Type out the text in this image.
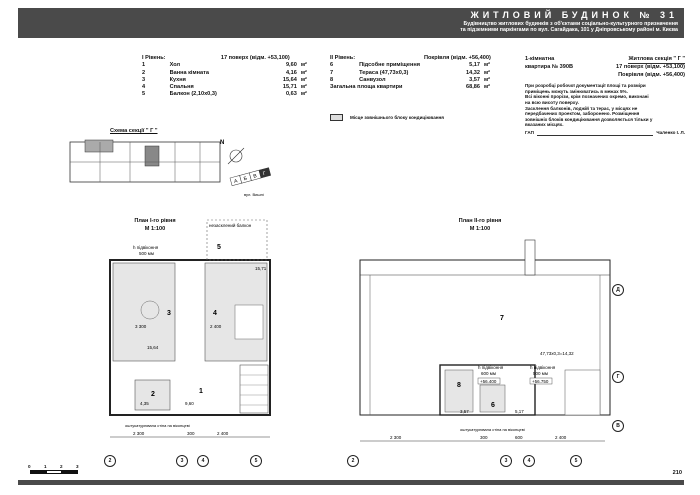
ЖИТЛОВИЙ БУДИНОК № 31
Будівництво житлових будинків з об'єктами соціально-культурного призначення
та підземними паркінгами по вул. Сагайдака, 101 у Дніпровському районі м. Києва
І Рівень:		17 поверх (відм. +53,100)	
1	Хол	9,60	м²
2	Ванна кімната	4,16	м²
3	Кухня	15,64	м²
4	Спальня	15,71	м²
5	Балкон (2,10х0,3)	0,63	м²
ІІ Рівень:		Покрівля (відм. +56,400)	
6	Підсобне приміщення	5,17	м²
7	Тераса (47,73х0,3)	14,32	м²
8	Санвузол	3,57	м²
Загальна площа квартири		68,86	м²
Місце зовнішнього блоку кондиціювання
1-кімнатна	Житлова секція " Г "
квартира № 390В	17 поверх (відм. +53,100)
Покрівля (відм. +56,400)
При розробці робочої документації площі та розміри
приміщень можуть змінюватись в межах 5%.
Всі віконні прорізи, крім позначених окремо, виконані
на всю висоту поверху.
Засклення балконів, лоджій та терас, у місцях не
передбачених проектом, заборонено. Розміщення
зовнішніх блоків кондиціювання дозволяється тільки у
вказаних місцях.
ГАП	Чаленко І. Л.
Схема секції " Г "
N
А Б В Г
вул. Вишні
План І-го рівня
М 1:100
3	4
1
2
5
15,64
15,71
4,35	9,60
3 300	2 400
h підвіконня
500 мм
незасклений балкон
оштукатурювана стіна на віконцеві
2 300	300	2 400
2	3	4	5
План ІІ-го рівня
М 1:100
7
8
6
47,73x0,3=14,32
3,57	5,17
h підвіконня
600 мм
h підвіконня
500 мм
+56.400	+56.750
оштукатурювана стіна на віконцеві
2 300	300	600	2 400
2	3	4	5
Д
Г
В
0	1	2	3
210
